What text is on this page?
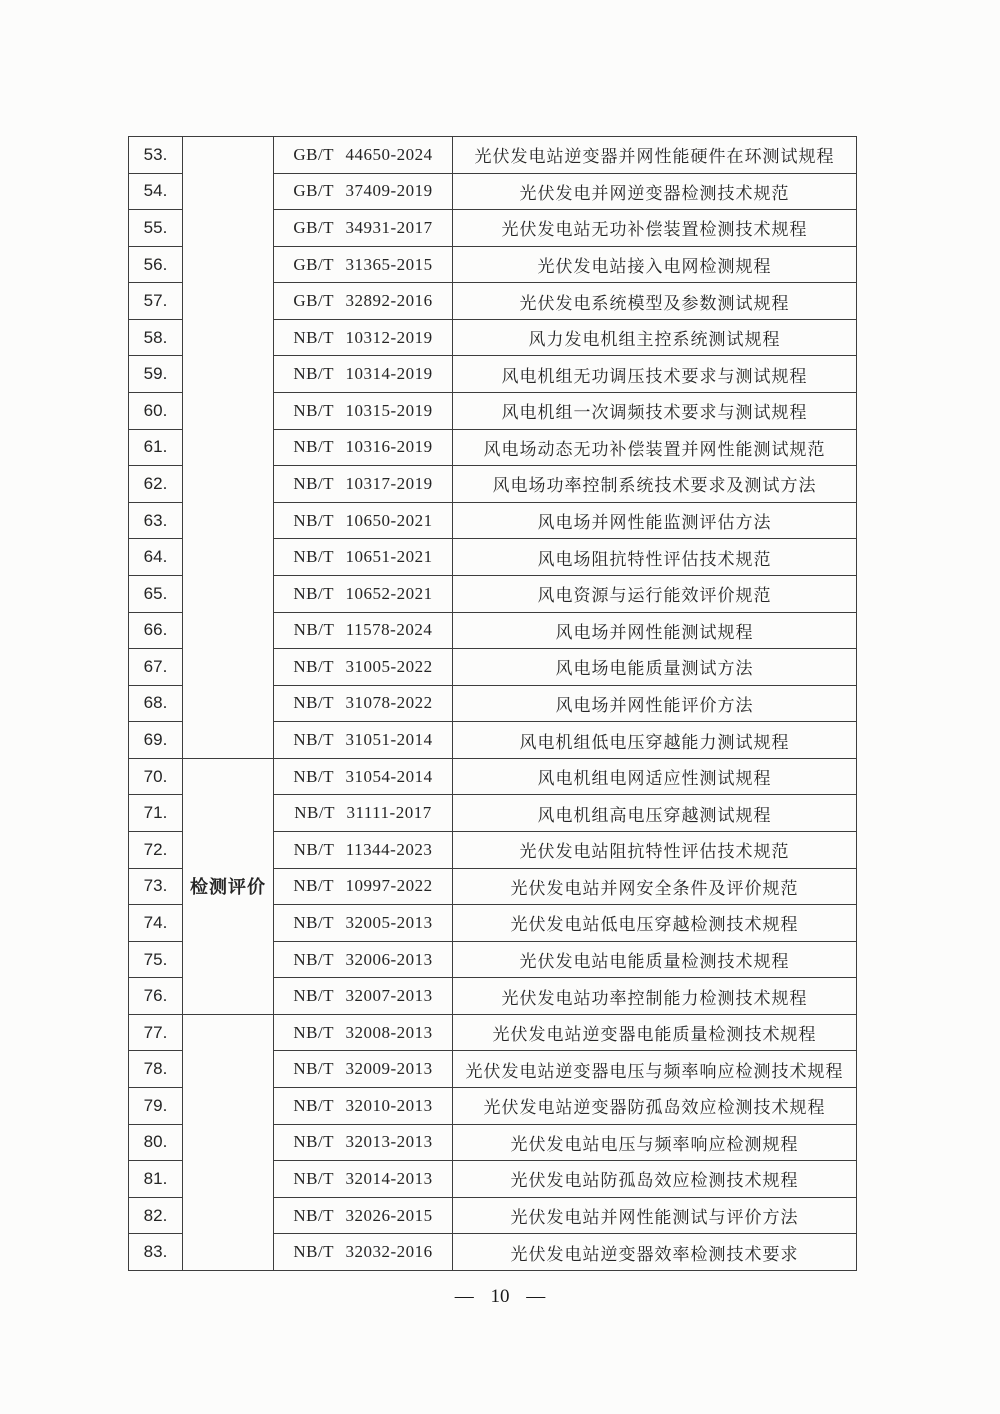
53.		GB/T 44650-2024	光伏发电站逆变器并网性能硬件在环测试规程
54.		GB/T 37409-2019	光伏发电并网逆变器检测技术规范
55.		GB/T 34931-2017	光伏发电站无功补偿装置检测技术规程
56.		GB/T 31365-2015	光伏发电站接入电网检测规程
57.		GB/T 32892-2016	光伏发电系统模型及参数测试规程
58.		NB/T 10312-2019	风力发电机组主控系统测试规程
59.		NB/T 10314-2019	风电机组无功调压技术要求与测试规程
60.		NB/T 10315-2019	风电机组一次调频技术要求与测试规程
61.		NB/T 10316-2019	风电场动态无功补偿装置并网性能测试规范
62.		NB/T 10317-2019	风电场功率控制系统技术要求及测试方法
63.		NB/T 10650-2021	风电场并网性能监测评估方法
64.		NB/T 10651-2021	风电场阻抗特性评估技术规范
65.		NB/T 10652-2021	风电资源与运行能效评价规范
66.		NB/T 11578-2024	风电场并网性能测试规程
67.		NB/T 31005-2022	风电场电能质量测试方法
68.		NB/T 31078-2022	风电场并网性能评价方法
69.		NB/T 31051-2014	风电机组低电压穿越能力测试规程
70.	检测评价	NB/T 31054-2014	风电机组电网适应性测试规程
71.		NB/T 31111-2017	风电机组高电压穿越测试规程
72.		NB/T 11344-2023	光伏发电站阻抗特性评估技术规范
73.		NB/T 10997-2022	光伏发电站并网安全条件及评价规范
74.		NB/T 32005-2013	光伏发电站低电压穿越检测技术规程
75.		NB/T 32006-2013	光伏发电站电能质量检测技术规程
76.		NB/T 32007-2013	光伏发电站功率控制能力检测技术规程
77.		NB/T 32008-2013	光伏发电站逆变器电能质量检测技术规程
78.		NB/T 32009-2013	光伏发电站逆变器电压与频率响应检测技术规程
79.		NB/T 32010-2013	光伏发电站逆变器防孤岛效应检测技术规程
80.		NB/T 32013-2013	光伏发电站电压与频率响应检测规程
81.		NB/T 32014-2013	光伏发电站防孤岛效应检测技术规程
82.		NB/T 32026-2015	光伏发电站并网性能测试与评价方法
83.		NB/T 32032-2016	光伏发电站逆变器效率检测技术要求
— 10 —
